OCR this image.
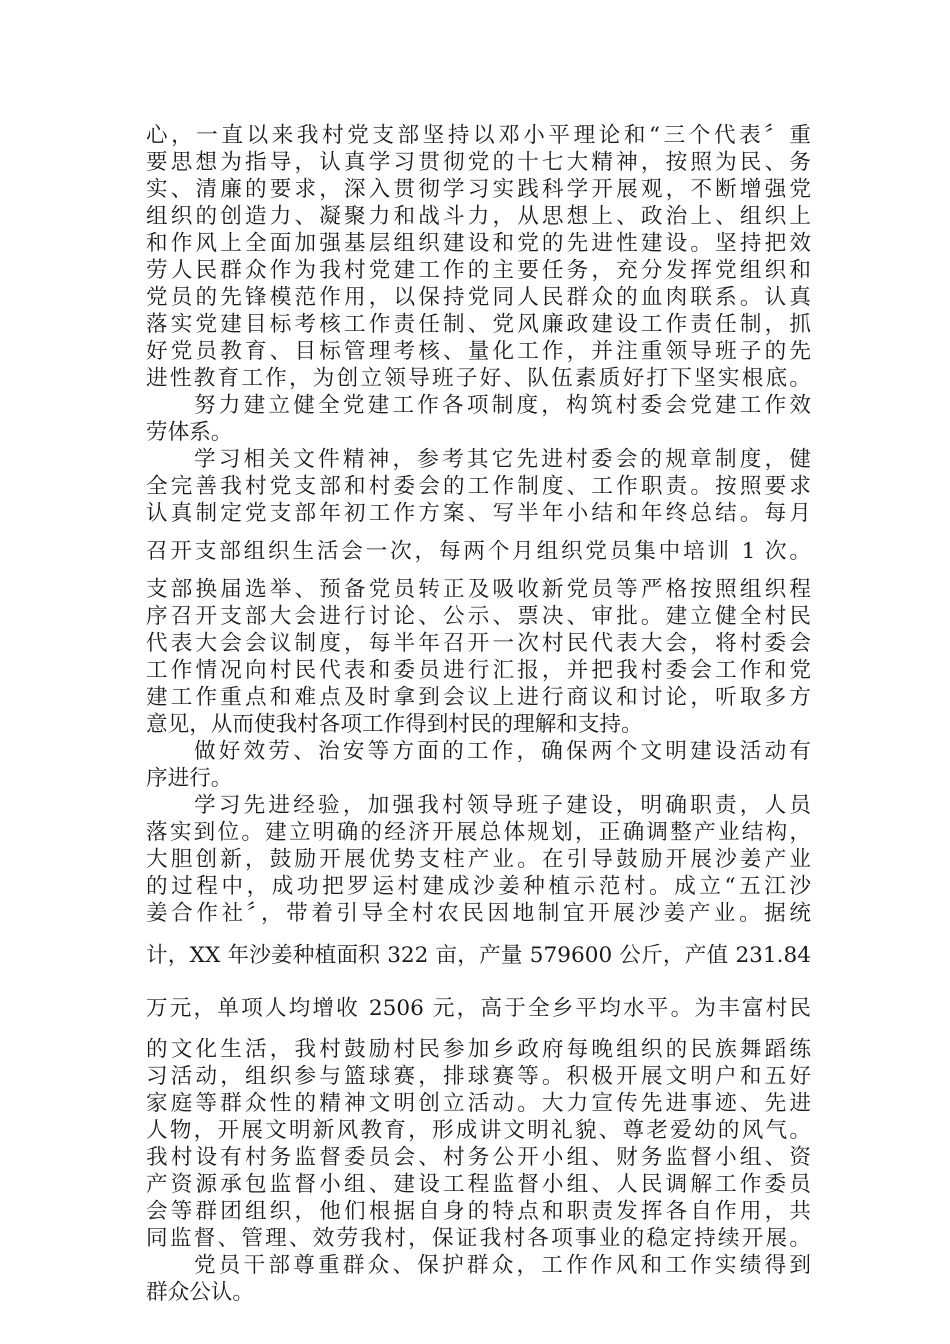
心，一直以来我村党支部坚持以邓小平理论和“三个代表〞重
要思想为指导，认真学习贯彻党的十七大精神，按照为民、务
实、清廉的要求，深入贯彻学习实践科学开展观，不断增强党
组织的创造力、凝聚力和战斗力，从思想上、政治上、组织上
和作风上全面加强基层组织建设和党的先进性建设。坚持把效
劳人民群众作为我村党建工作的主要任务，充分发挥党组织和
党员的先锋模范作用，以保持党同人民群众的血肉联系。认真
落实党建目标考核工作责任制、党风廉政建设工作责任制，抓
好党员教育、目标管理考核、量化工作，并注重领导班子的先
进性教育工作，为创立领导班子好、队伍素质好打下坚实根底。
努力建立健全党建工作各项制度，构筑村委会党建工作效
劳体系。
学习相关文件精神，参考其它先进村委会的规章制度，健
全完善我村党支部和村委会的工作制度、工作职责。按照要求
认真制定党支部年初工作方案、写半年小结和年终总结。每月
召开支部组织生活会一次，每两个月组织党员集中培训 1 次。
支部换届选举、预备党员转正及吸收新党员等严格按照组织程
序召开支部大会进行讨论、公示、票决、审批。建立健全村民
代表大会会议制度，每半年召开一次村民代表大会，将村委会
工作情况向村民代表和委员进行汇报，并把我村委会工作和党
建工作重点和难点及时拿到会议上进行商议和讨论，听取多方
意见，从而使我村各项工作得到村民的理解和支持。
做好效劳、治安等方面的工作，确保两个文明建设活动有
序进行。
学习先进经验，加强我村领导班子建设，明确职责，人员
落实到位。建立明确的经济开展总体规划，正确调整产业结构，
大胆创新，鼓励开展优势支柱产业。在引导鼓励开展沙姜产业
的过程中，成功把罗运村建成沙姜种植示范村。成立“五江沙
姜合作社〞，带着引导全村农民因地制宜开展沙姜产业。据统
计，XX 年沙姜种植面积 322 亩，产量 579600 公斤，产值 231.84
万元，单项人均增收 2506 元，高于全乡平均水平。为丰富村民
的文化生活，我村鼓励村民参加乡政府每晚组织的民族舞蹈练
习活动，组织参与篮球赛，排球赛等。积极开展文明户和五好
家庭等群众性的精神文明创立活动。大力宣传先进事迹、先进
人物，开展文明新风教育，形成讲文明礼貌、尊老爱幼的风气。
我村设有村务监督委员会、村务公开小组、财务监督小组、资
产资源承包监督小组、建设工程监督小组、人民调解工作委员
会等群团组织，他们根据自身的特点和职责发挥各自作用，共
同监督、管理、效劳我村，保证我村各项事业的稳定持续开展。
党员干部尊重群众、保护群众，工作作风和工作实绩得到
群众公认。
